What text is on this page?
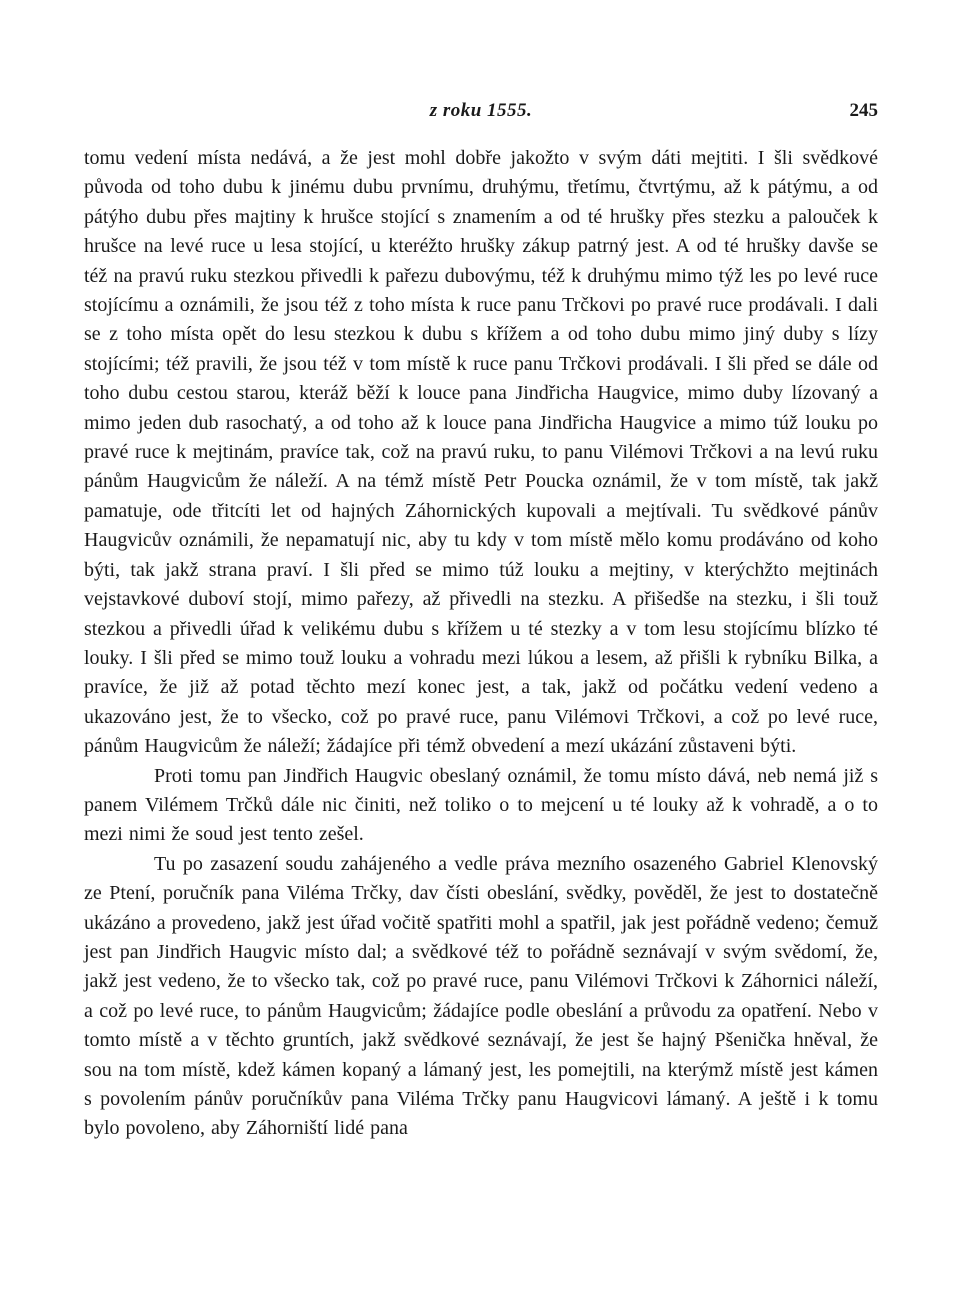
z roku 1555.	245

tomu vedení místa nedává, a že jest mohl dobře jakožto v svým dáti mejtiti. I šli svědkové původa od toho dubu k jinému dubu prvnímu, druhýmu, třetímu, čtvrtýmu, až k pátýmu, a od pátýho dubu přes majtiny k hrušce stojící s znamením a od té hrušky přes stezku a palouček k hrušce na levé ruce u lesa stojící, u kteréžto hrušky zákup patrný jest. A od té hrušky davše se též na pravú ruku stezkou přivedli k pařezu dubovýmu, též k druhýmu mimo týž les po levé ruce stojícímu a oznámili, že jsou též z toho místa k ruce panu Trčkovi po pravé ruce prodávali. I dali se z toho místa opět do lesu stezkou k dubu s křížem a od toho dubu mimo jiný duby s lízy stojícími; též pravili, že jsou též v tom místě k ruce panu Trčkovi prodávali. I šli před se dále od toho dubu cestou starou, kteráž běží k louce pana Jindřicha Haugvice, mimo duby lízovaný a mimo jeden dub rasochatý, a od toho až k louce pana Jindřicha Haugvice a mimo túž louku po pravé ruce k mejtinám, pravíce tak, což na pravú ruku, to panu Vilémovi Trčkovi a na levú ruku pánům Haugvicům že náleží. A na témž místě Petr Poucka oznámil, že v tom místě, tak jakž pamatuje, ode třitcíti let od hajných Záhornických kupovali a mejtívali. Tu svědkové pánův Haugvicův oznámili, že nepamatují nic, aby tu kdy v tom místě mělo komu prodáváno od koho býti, tak jakž strana praví. I šli před se mimo túž louku a mejtiny, v kterýchžto mejtinách vejstavkové duboví stojí, mimo pařezy, až přivedli na stezku. A přišedše na stezku, i šli touž stezkou a přivedli úřad k velikému dubu s křížem u té stezky a v tom lesu stojícímu blízko té louky. I šli před se mimo touž louku a vohradu mezi lúkou a lesem, až přišli k rybníku Bilka, a pravíce, že již až potad těchto mezí konec jest, a tak, jakž od počátku vedení vedeno a ukazováno jest, že to všecko, což po pravé ruce, panu Vilémovi Trčkovi, a což po levé ruce, pánům Haugvicům že náleží; žádajíce při témž obvedení a mezí ukázání zůstaveni býti.

Proti tomu pan Jindřich Haugvic obeslaný oznámil, že tomu místo dává, neb nemá již s panem Vilémem Trčků dále nic činiti, než toliko o to mejcení u té louky až k vohradě, a o to mezi nimi že soud jest tento zešel.

Tu po zasazení soudu zahájeného a vedle práva mezního osazeného Gabriel Klenovský ze Ptení, poručník pana Viléma Trčky, dav čísti obeslání, svědky, pověděl, že jest to dostatečně ukázáno a provedeno, jakž jest úřad vočitě spatřiti mohl a spatřil, jak jest pořádně vedeno; čemuž jest pan Jindřich Haugvic místo dal; a svědkové též to pořádně seznávají v svým svědomí, že, jakž jest vedeno, že to všecko tak, což po pravé ruce, panu Vilémovi Trčkovi k Záhornici náleží, a což po levé ruce, to pánům Haugvicům; žádajíce podle obeslání a průvodu za opatření. Nebo v tomto místě a v těchto gruntích, jakž svědkové seznávají, že jest še hajný Pšenička hněval, že sou na tom místě, kdež kámen kopaný a lámaný jest, les pomejtili, na kterýmž místě jest kámen s povolením pánův poručníkův pana Viléma Trčky panu Haugvicovi lámaný. A ještě i k tomu bylo povoleno, aby Záhorniští lidé pana
